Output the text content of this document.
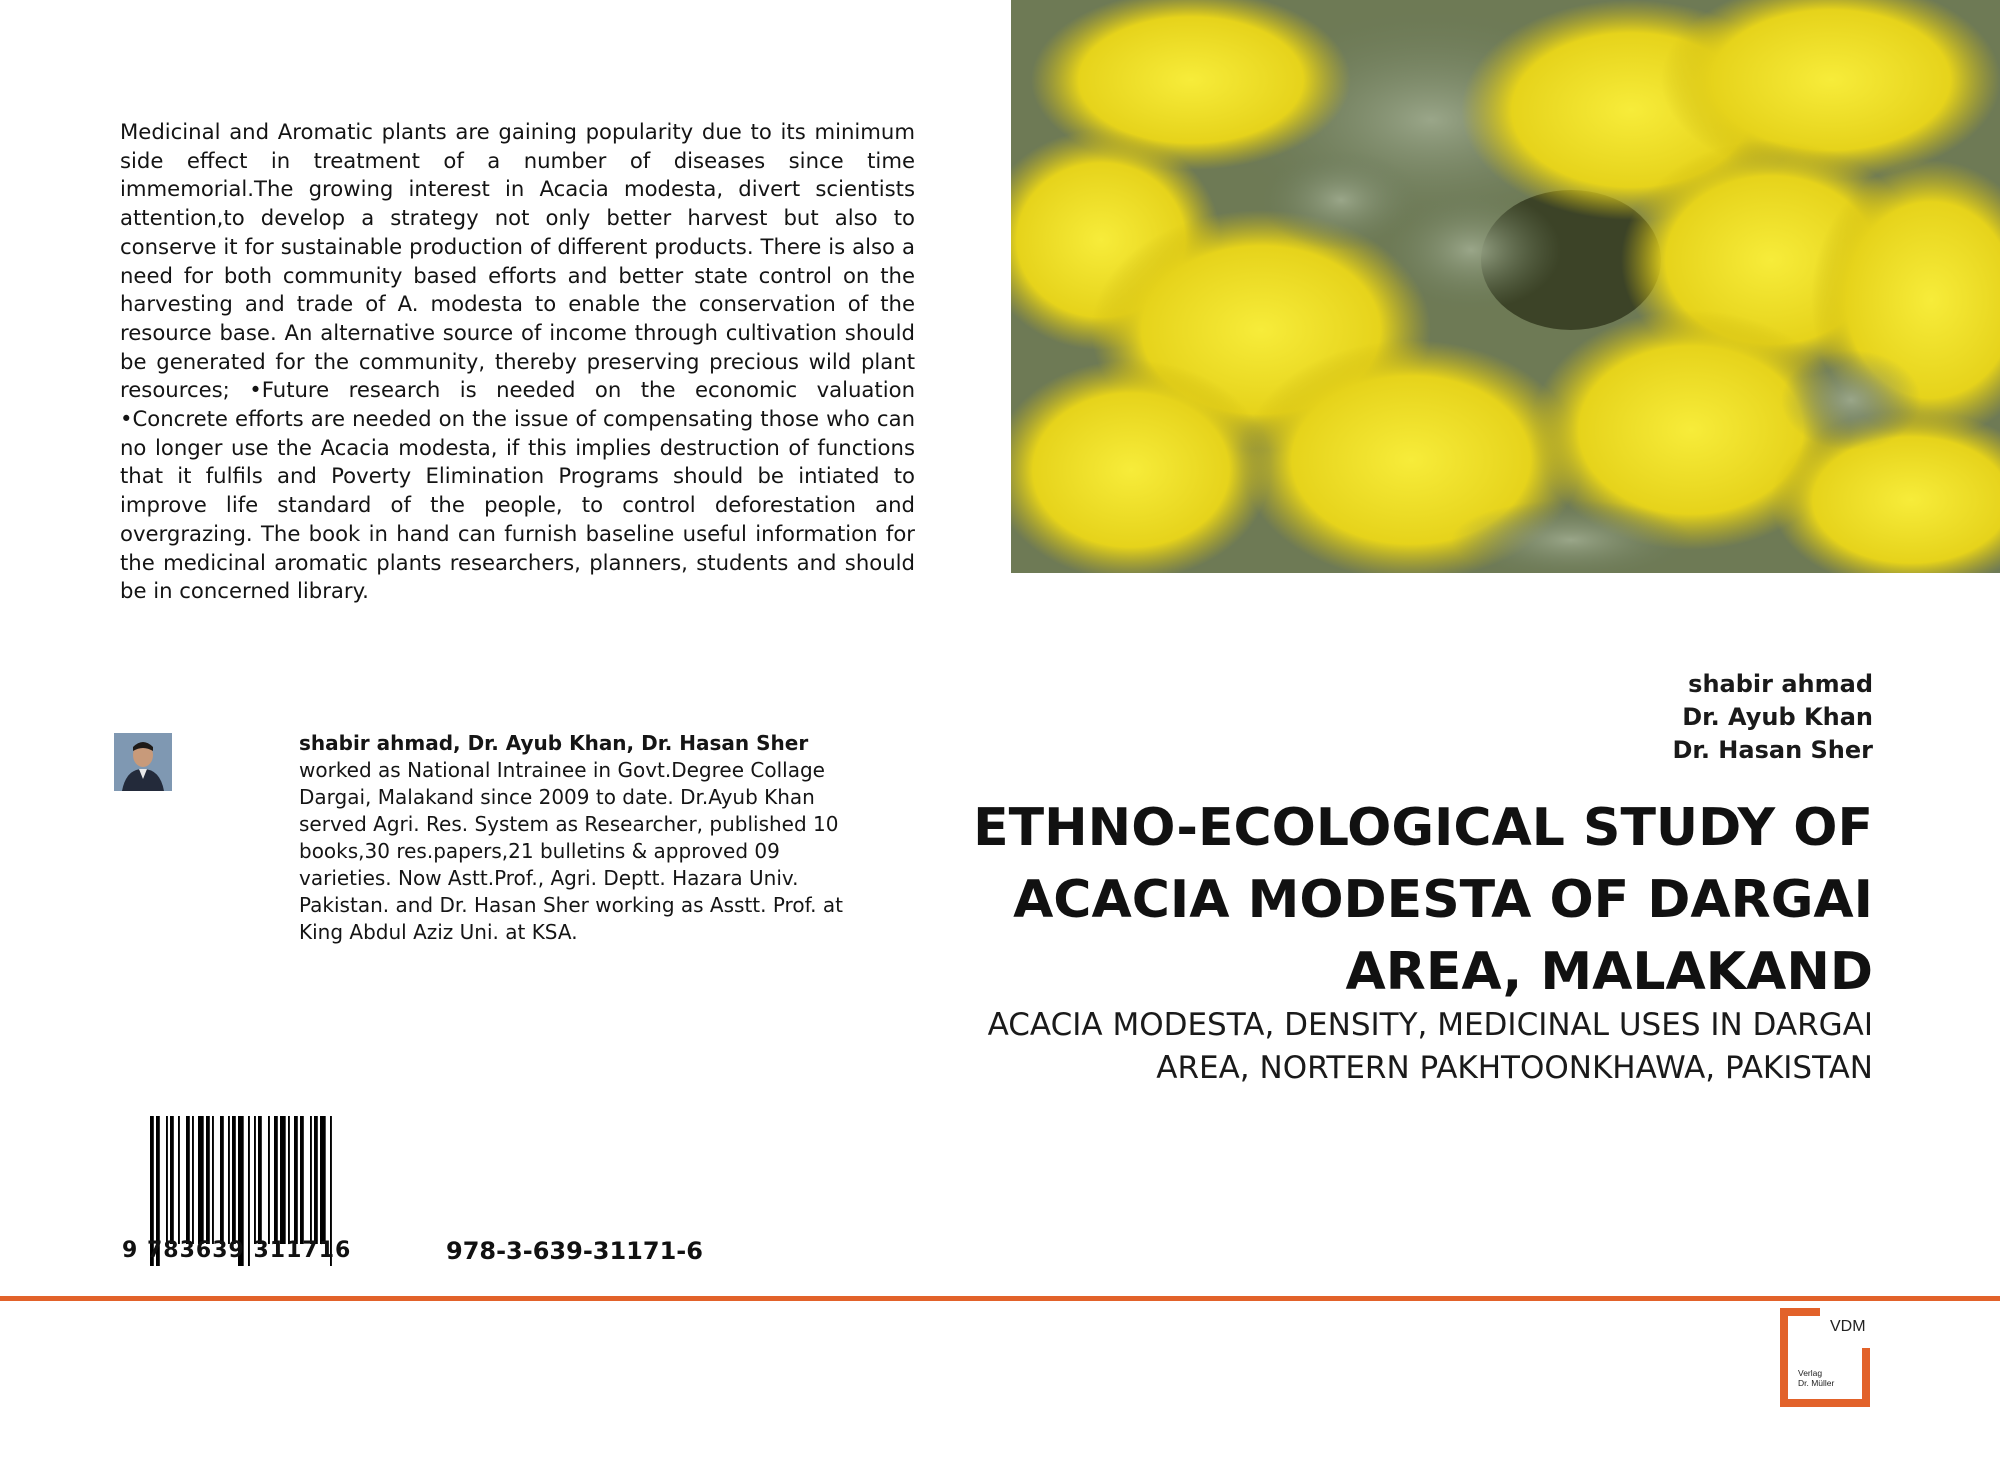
Medicinal and Aromatic plants are gaining popularity due to its minimum side effect in treatment of a number of diseases since time immemorial.The growing interest in Acacia modesta, divert scientists attention,to develop a strategy not only better harvest but also to conserve it for sustainable production of different products. There is also a need for both community based efforts and better state control on the harvesting and trade of A. modesta to enable the conservation of the resource base. An alternative source of income through cultivation should be generated for the community, thereby preserving precious wild plant resources; •Future research is needed on the economic valuation •Concrete efforts are needed on the issue of compensating those who can no longer use the Acacia modesta, if this implies destruction of functions that it fulfils and Poverty Elimination Programs should be intiated to improve life standard of the people, to control deforestation and overgrazing. The book in hand can furnish baseline useful information for the medicinal aromatic plants researchers, planners, students and should be in concerned library.
shabir ahmad
Dr. Ayub Khan
Dr. Hasan Sher
ETHNO-ECOLOGICAL STUDY OF ACACIA MODESTA OF DARGAI AREA, MALAKAND
ACACIA MODESTA, DENSITY, MEDICINAL USES IN DARGAI AREA, NORTERN PAKHTOONKHAWA, PAKISTAN
shabir ahmad, Dr. Ayub Khan, Dr. Hasan Sher
worked as National Intrainee in Govt.Degree Collage Dargai, Malakand since 2009 to date. Dr.Ayub Khan served Agri. Res. System as Researcher, published 10 books,30 res.papers,21 bulletins & approved 09 varieties. Now Astt.Prof., Agri. Deptt. Hazara Univ. Pakistan. and Dr. Hasan Sher working as Asstt. Prof. at King Abdul Aziz Uni. at KSA.
9 783639 311716	978-3-639-31171-6
VDM
Verlag
Dr. Müller
